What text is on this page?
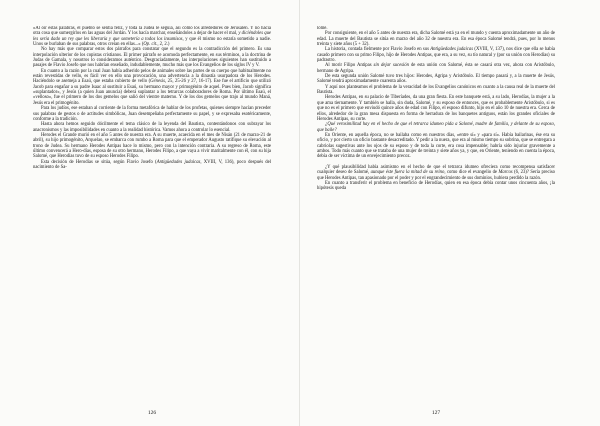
«Al oír estas palabras, el pueblo se sentía feliz, y toda la Judea le seguía, así como los alrededores de Jerusalén. Y no hacía otra cosa que sumergirlos en las aguas del Jordán. Y los hacía marchar, enseñándoles a dejar de hacer el mal, y diciéndoles que les sería dado un rey que les liberaría y que sometería a todos los insumisos, y que él mismo no estaría sometido a nadie. Unos se burlaban de sus palabras, otros creían en ellas...» (Op. cit., 2, 2.)

No hay más que comparar estos dos párrafos para constatar que el segundo es la contradicción del primero. Es una interpolación ulterior de los copistas cristianos. El primer párrafo se acomoda perfectamente, en sus términos, a la doctrina de Judas de Gamala, y nosotros lo consideramos auténtico. Desgraciadamente, las interpolaciones siguientes han sustituido a pasajes de Flavio Josefo que nos habrían enseñado, indudablemente, mucho más que los Evangelios de los siglos IV y V.

En cuanto a la razón por la cual Juan había adherido pelos de animales sobre las partes de su cuerpo que habitualmente no están revestidas de vello, es fácil ver en ello una provocación, una advertencia a la dinastía usurpadora de los Herodes. Haciéndolo se asemeja a Esaú, que estaba cubierto de vello (Génesis, 25, 25-26 y 27, 16-17). Ese fue el artificio que utilizó Jacob para engañar a su padre Isaac al sustituir a Esaú, su hermano mayor y primogénito de aquel. Pues bien, Jacob significa «suplantador», y Jesús (a quien Juan anuncia) deberá suplantar a los tetrarcas colaboradores de Roma. Por último Esaú, el «velloso», fue el primero de los dos gemelos que salió del vientre materno. Y de los dos gemelos que trajo al mundo Maná, Jesús era el primogénito.

Para los judíos, ese estaban al corriente de la forma metafórica de hablar de los profetas, quienes siempre hacían preceder sus palabras de gestos o de actitudes simbólicas, Juan desempeñaba perfectamente su papel, y se expresaba esotéricamente, conforme a la tradición.

Hasta ahora hemos seguido dócilmente el tema clásico de la leyenda del Bautista, contentándonos con subrayar los anacronismos y las imposibilidades en cuanto a la realidad histórica. Vamos ahora a controlar lo esencial.

Herodes el Grande murió en el año 5 antes de nuestra era. A su muerte, acaecida en el mes de Nisán (21 de marzo-21 de abril), su hijo primogénito, Arquelao, se embarca con rumbo a Roma para que el emperador Augusto ratifique su elevación al trono de Judea. Su hermano Herodes Antipas hace lo mismo, pero con la intención contraria. A su regreso de Roma, este último convencerá a Hero-días, esposa de su otro hermano, Herodes Filipo, a que vaya a vivir maritalmente con él, con su hija Salomé, que Herodías tuvo de su esposo Herodes Filipo.

Esta decisión de Herodías se sitúa, según Flavio Josefo (Antigüedades judaicas, XVIII, V, 136), poco después del nacimiento de Sa-

126

lomé.

Por consiguiente, en el año 5 antes de nuestra era, dicha Salomé está ya en el mundo y cuenta aproximadamente un año de edad. La muerte del Bautista se sitúa en marzo del año 32 de nuestra era. En esa época Salomé tendrá, pues, por lo menos treinta y siete años (5 + 32).

La historia, contada fielmente por Flavio Josefo en sus Antigüedades judaicas (XVIII, V, 137), nos dice que ella se había casado primero con su primo Filipo, hijo de Herodes Antipas, que era, a su vez, su tío natural y (por su unión con Herodías) su padrastro.

Al morir Filipo Antipas sin dejar sucesión de esta unión con Salomé, ésta se casará otra vez, ahora con Aristóbulo, hermano de Agripa.

De esta segunda unión Salomé tuvo tres hijos: Herodes, Agripa y Aristóbulo. El tiempo pasará y, a la muerte de Jesús, Salomé tendrá aproximadamente cuarenta años.

Y aquí nos planteamos el problema de la veracidad de los Evangelios canónicos en cuanto a la causa real de la muerte del Bautista.

Herodes Antipas, en su palacio de Tiberíades, da una gran fiesta. En este banquete está, a su lado, Herodías, la mujer a la que ama tiernamente. Y también se halla, sin duda, Salomé, y su esposo de entonces, que es probablemente Aristóbulo, si es que no es el primero que enviudó quince años de edad con Filipo, el esposo difunto, hijo en el año 10 de nuestra era. Cerca de ellos, alrededor de la gran mesa dispuesta en forma de herradura de los banquetes antiguos, están los grandes oficiales de Herodes Antipas, su corte.

¿Qué verosimilitud hay en el hecho de que el tetrarca idumeo pida a Salomé, madre de familia, y delante de su esposo, que baile?

En Oriente, en aquella época, no se bailaba como en nuestros días, «entre sí» y «para sí». Había bailarinas, ése era su oficio, y por cierto un oficio bastante desacreditado. Y pedir a la nuera, que era al mismo tiempo su sobrina, que se entregara a cabriolas sugestivas ante los ojos de su esposo y de toda la corte, era cosa impensable; habría sido injuriar gravemente a ambos. Todo más cuanto que se trataba de una mujer de treinta y siete años ya, y que, en Oriente, teniendo en cuenta la época, debía de ser víctima de un envejecimiento precoz.

¿Y qué plausibilidad había asimismo en el hecho de que el tetrarca idumeo ofreciera como recompensa satisfacer cualquier deseo de Salomé, aunque éste fuera la mitad de su reino, como dice el evangelio de Marcos (6, 23)? Sería preciso que Herodes Antipas, tan apasionado por el poder y por el engrandecimiento de sus dominios, hubiera perdido la razón.

En cuanto a transferir el problema en beneficio de Herodías, quien en esa época debía contar unos cincuenta años, ¡la hipótesis queda

127
